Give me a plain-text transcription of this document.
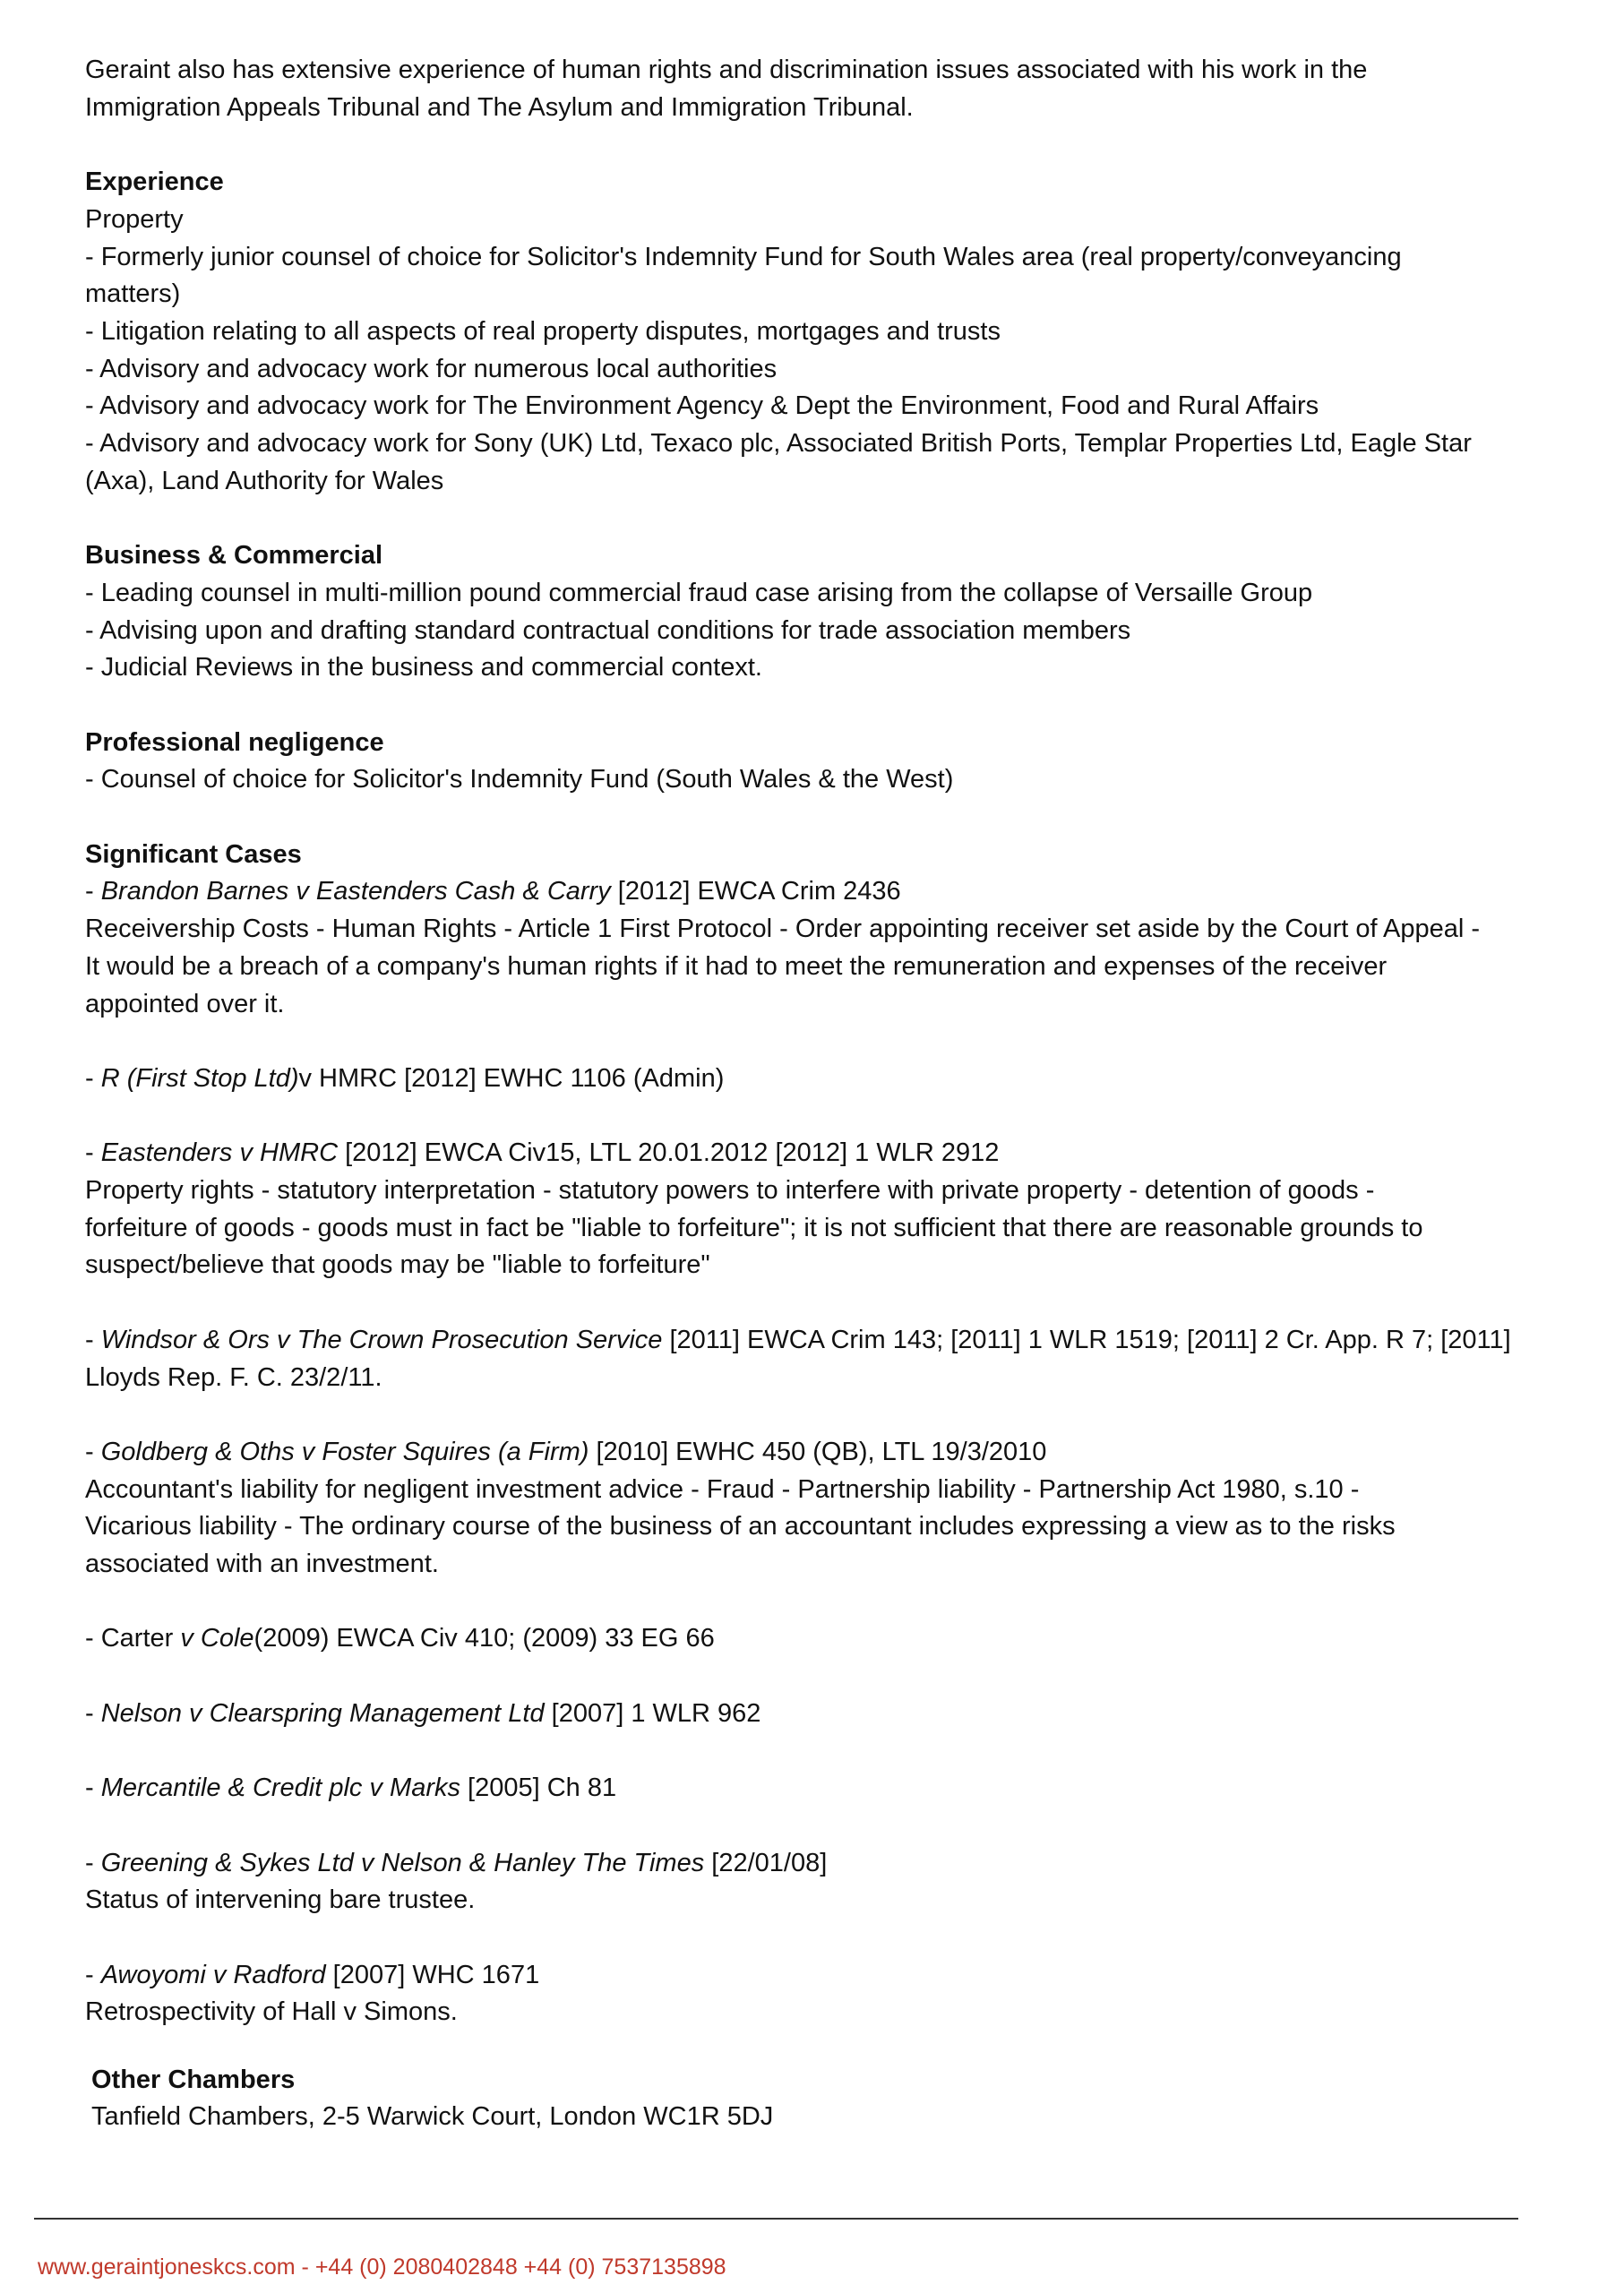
Geraint also has extensive experience of human rights and discrimination issues associated with his work in the
Immigration Appeals Tribunal and The Asylum and Immigration Tribunal.
Experience
Property
- Formerly junior counsel of choice for Solicitor's Indemnity Fund for South Wales area (real property/conveyancing
matters)
- Litigation relating to all aspects of real property disputes, mortgages and trusts
- Advisory and advocacy work for numerous local authorities
- Advisory and advocacy work for The Environment Agency & Dept the Environment, Food and Rural Affairs
- Advisory and advocacy work for Sony (UK) Ltd, Texaco plc, Associated British Ports, Templar Properties Ltd, Eagle Star
(Axa), Land Authority for Wales
Business & Commercial
- Leading counsel in multi-million pound commercial fraud case arising from the collapse of Versaille Group
- Advising upon and drafting standard contractual conditions for trade association members
- Judicial Reviews in the business and commercial context.
Professional negligence
- Counsel of choice for Solicitor's Indemnity Fund (South Wales & the West)
Significant Cases
- Brandon Barnes v Eastenders Cash & Carry [2012] EWCA Crim 2436
Receivership Costs - Human Rights - Article 1 First Protocol - Order appointing receiver set aside by the Court of Appeal -
It would be a breach of a company's human rights if it had to meet the remuneration and expenses of the receiver
appointed over it.
- R (First Stop Ltd)v HMRC [2012] EWHC 1106 (Admin)
- Eastenders v HMRC [2012] EWCA Civ15, LTL 20.01.2012 [2012] 1 WLR 2912
Property rights - statutory interpretation - statutory powers to interfere with private property - detention of goods -
forfeiture of goods - goods must in fact be "liable to forfeiture"; it is not sufficient that there are reasonable grounds to
suspect/believe that goods may be "liable to forfeiture"
- Windsor & Ors v The Crown Prosecution Service [2011] EWCA Crim 143; [2011] 1 WLR 1519; [2011] 2 Cr. App. R 7; [2011]
Lloyds Rep. F. C. 23/2/11.
- Goldberg & Oths v Foster Squires (a Firm) [2010] EWHC 450 (QB), LTL 19/3/2010
Accountant's liability for negligent investment advice - Fraud - Partnership liability - Partnership Act 1980, s.10 -
Vicarious liability - The ordinary course of the business of an accountant includes expressing a view as to the risks
associated with an investment.
- Carter v Cole(2009) EWCA Civ 410; (2009) 33 EG 66
- Nelson v Clearspring Management Ltd [2007] 1 WLR 962
- Mercantile & Credit plc v Marks [2005] Ch 81
- Greening & Sykes Ltd v Nelson & Hanley The Times [22/01/08]
Status of intervening bare trustee.
- Awoyomi v Radford [2007] WHC 1671
Retrospectivity of Hall v Simons.
Other Chambers
Tanfield Chambers, 2-5 Warwick Court, London WC1R 5DJ
www.geraintjoneskcs.com - +44 (0) 2080402848 +44 (0) 7537135898
